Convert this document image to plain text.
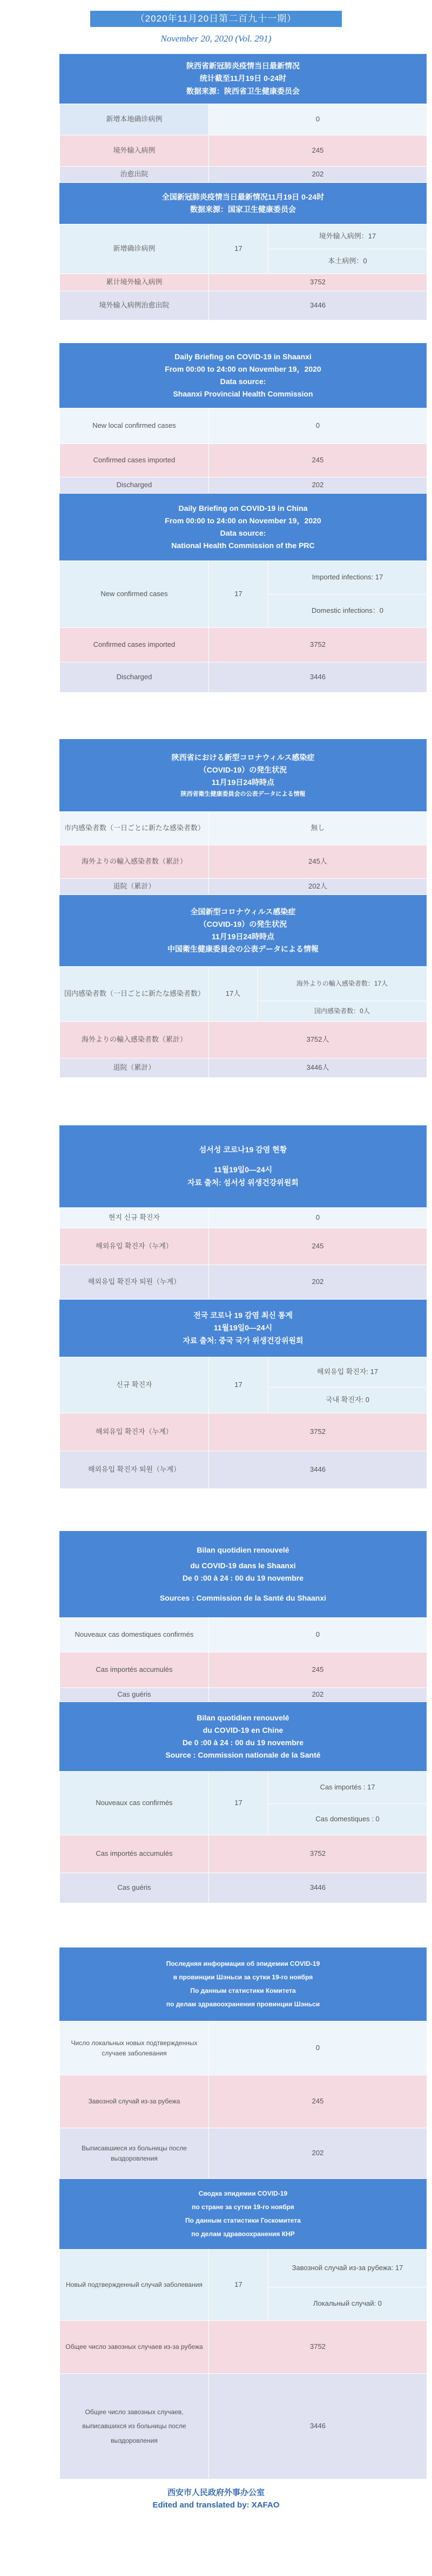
（2020年11月20日第二百九十一期）
November 20, 2020 (Vol. 291)
陕西省新冠肺炎疫情当日最新情况
统计截至11月19日 0-24时
数据来源：陕西省卫生健康委员会
新增本地确诊病例	0
境外输入病例	245
治愈出院	202
全国新冠肺炎疫情当日最新情况11月19日 0-24时
数据来源：国家卫生健康委员会
新增确诊病例	17	境外输入病例：17
		本土病例：0
累计境外输入病例	3752	
境外输入病例治愈出院	3446	
Daily Briefing on COVID-19 in Shaanxi
From 00:00 to 24:00 on November 19，2020
Data source:
Shaanxi Provincial Health Commission
New local confirmed cases	0
Confirmed cases imported	245
Discharged	202
Daily Briefing on COVID-19 in China
From 00:00 to 24:00 on November 19，2020
Data source:
National Health Commission of the PRC
New confirmed cases	17	Imported infections: 17
		Domestic infections：0
Confirmed cases imported	3752	
Discharged	3446	
陝西省における新型コロナウィルス感染症
（COVID-19）の発生状況
11月19日24時時点
陝西省衛生健康委員会の公表データによる情報
市内感染者数（一日ごとに新たな感染者数）	無し
海外よりの輸入感染者数（累計）	245人
退院（累計）	202人
全国新型コロナウィルス感染症
（COVID-19）の発生状況
11月19日24時時点
中国衛生健康委員会の公表データによる情報
国内感染者数（一日ごとに新たな感染者数）	17人	海外よりの輸入感染者数：17人
		国内感染者数：0人
海外よりの輸入感染者数（累計）	3752人	
退院（累計）	3446人	
섬서성 코로나19 감염 현황
11월19일0—24시
자료 출처: 섬서성 위생건강위원회
현지 신규 확진자	0
해외유입 확진자（누계）	245
해외유입 확진자 퇴원（누계）	202
전국 코로나 19 감염 최신 통계
11월19일0—24시
자료 출처: 중국 국가 위생건강위원회
신규 확진자	17	해외유입 확진자: 17
		국내 확진자: 0
해외유입 확진자（누계）	3752	
해외유입 확진자 퇴원（누계）	3446	
Bilan quotidien renouvelé
du COVID-19 dans le Shaanxi
De 0 :00 à 24 : 00 du 19 novembre
Sources : Commission de la Santé du Shaanxi
Nouveaux cas domestiques confirmés	0
Cas importés accumulés	245
Cas guéris	202
Bilan quotidien renouvelé
du COVID-19 en Chine
De 0 :00 à 24 : 00 du 19 novembre
Source : Commission nationale de la Santé
Nouveaux cas confirmés	17	Cas importés : 17
		Cas domestiques : 0
Cas importés accumulés	3752	
Cas guéris	3446	
Последняя информация об эпидемии COVID-19
в провинции Шэньси за сутки 19-го ноября
По данным статистики Комитета
по делам здравоохранения провинции Шэньси
Число локальных новых подтвержденных случаев заболевания	0
Завозной случай из-за рубежа	245
Выписавшиеся из больницы после выздоровления	202
Сводка эпидемии COVID-19
по стране за сутки 19-го ноября
По данным статистики Госкомитета
по делам здравоохранения КНР
Новый подтвержденный случай заболевания	17	Завозной случай из-за рубежа: 17
		Локальный случай: 0
Общее число завозных случаев из-за рубежа	3752	
Общее число завозных случаев, выписавшихся из больницы после выздоровления	3446	
西安市人民政府外事办公室
Edited and translated by: XAFAO
